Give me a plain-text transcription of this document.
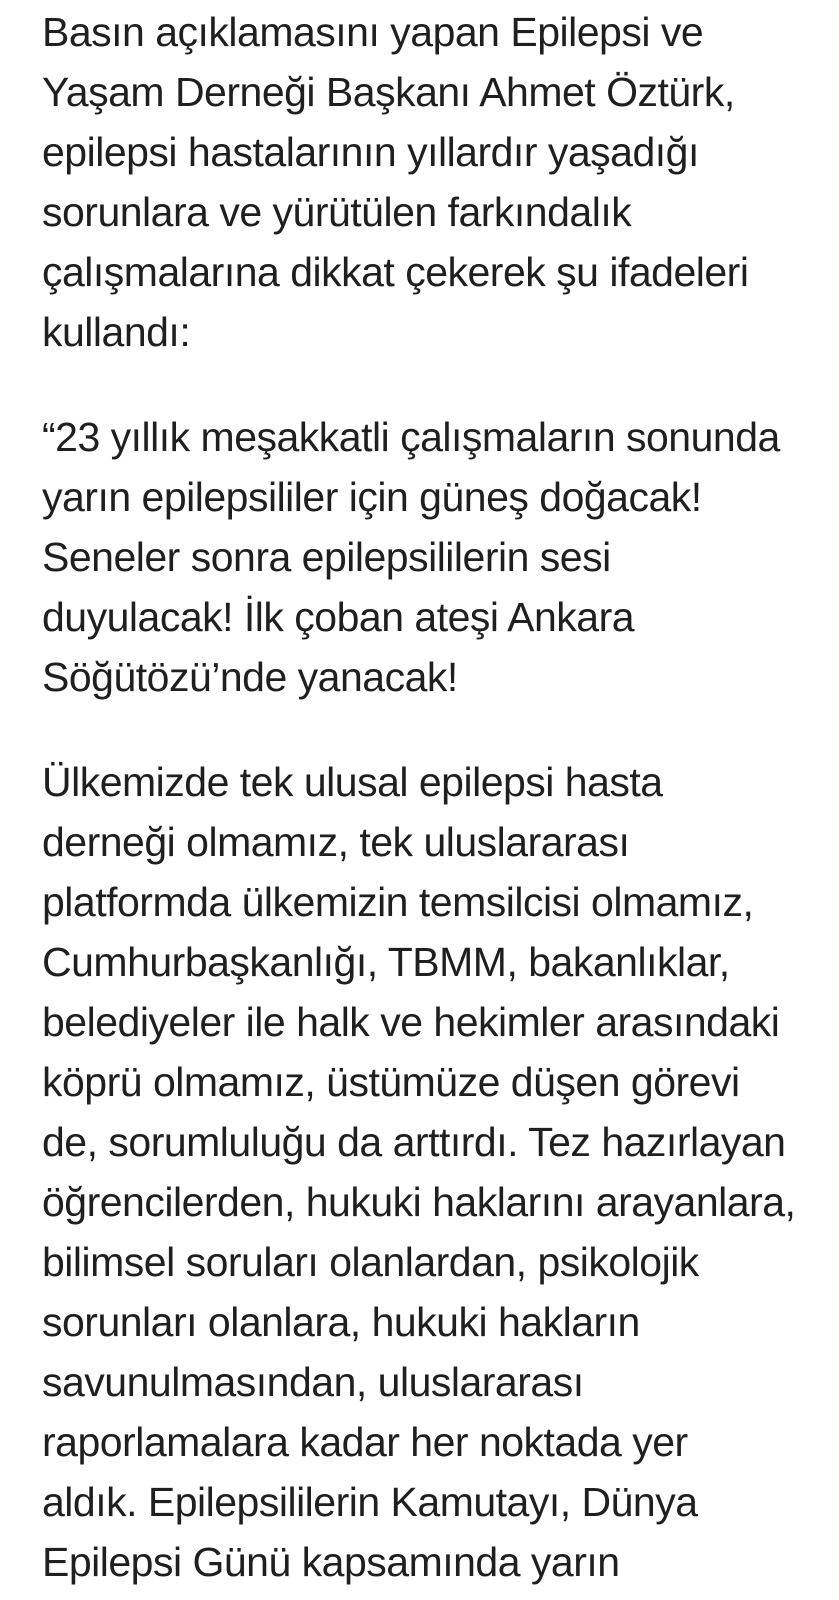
Basın açıklamasını yapan Epilepsi ve
Yaşam Derneği Başkanı Ahmet Öztürk,
epilepsi hastalarının yıllardır yaşadığı
sorunlara ve yürütülen farkındalık
çalışmalarına dikkat çekerek şu ifadeleri
kullandı:

“23 yıllık meşakkatli çalışmaların sonunda
yarın epilepsililer için güneş doğacak!
Seneler sonra epilepsililerin sesi
duyulacak! İlk çoban ateşi Ankara
Söğütözü’nde yanacak!

Ülkemizde tek ulusal epilepsi hasta
derneği olmamız, tek uluslararası
platformda ülkemizin temsilcisi olmamız,
Cumhurbaşkanlığı, TBMM, bakanlıklar,
belediyeler ile halk ve hekimler arasındaki
köprü olmamız, üstümüze düşen görevi
de, sorumluluğu da arttırdı. Tez hazırlayan
öğrencilerden, hukuki haklarını arayanlara,
bilimsel soruları olanlardan, psikolojik
sorunları olanlara, hukuki hakların
savunulmasından, uluslararası
raporlamalara kadar her noktada yer
aldık. Epilepsililerin Kamutayı, Dünya
Epilepsi Günü kapsamında yarın
